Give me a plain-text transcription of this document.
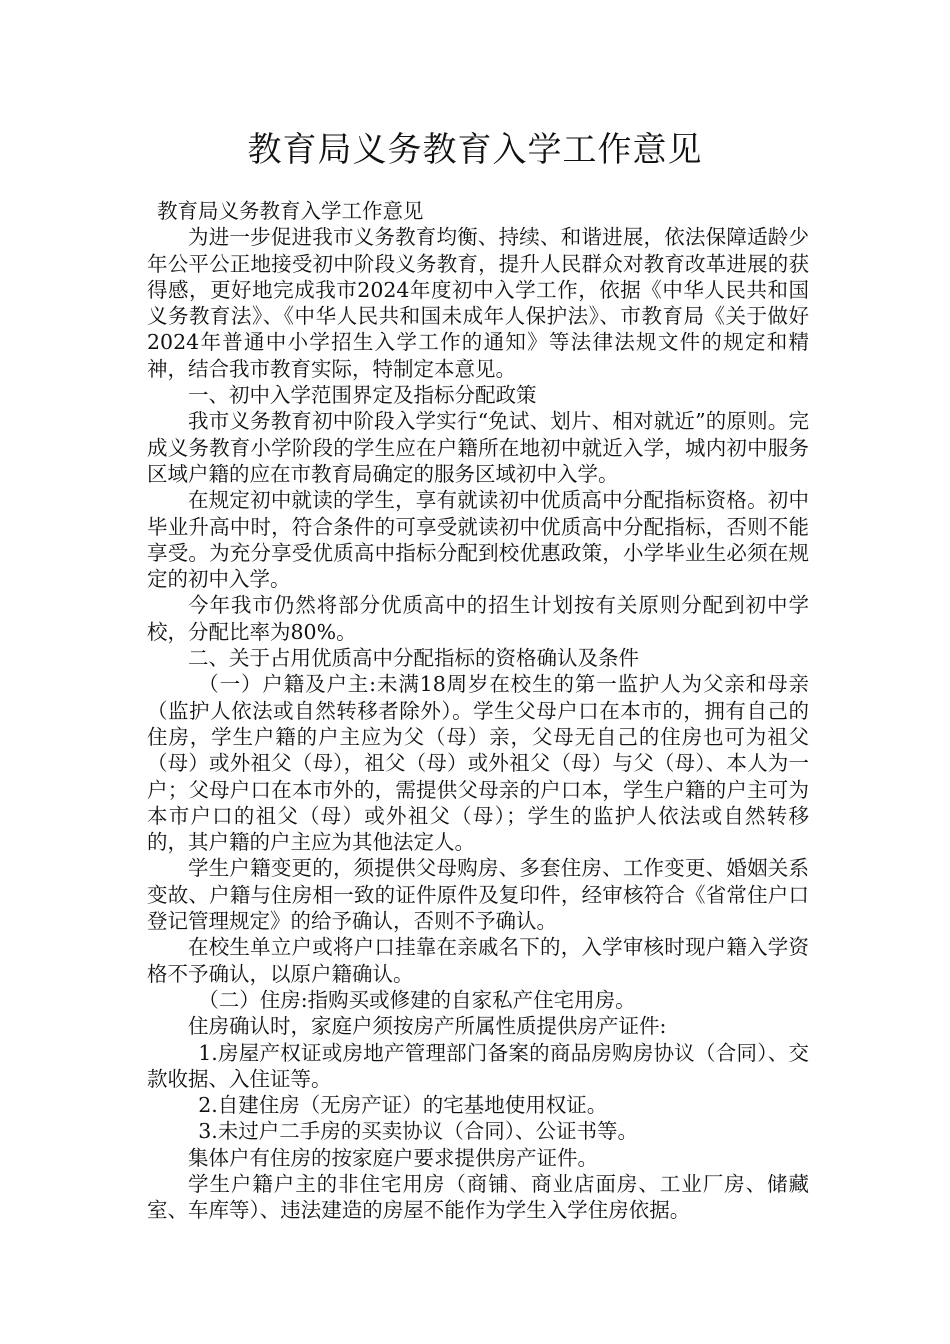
教育局义务教育入学工作意见

教育局义务教育入学工作意见

为进一步促进我市义务教育均衡、持续、和谐进展，依法保障适龄少年公平公正地接受初中阶段义务教育，提升人民群众对教育改革进展的获得感，更好地完成我市2024年度初中入学工作，依据《中华人民共和国义务教育法》、《中华人民共和国未成年人保护法》、市教育局《关于做好2024年普通中小学招生入学工作的通知》等法律法规文件的规定和精神，结合我市教育实际，特制定本意见。

一、初中入学范围界定及指标分配政策

我市义务教育初中阶段入学实行“免试、划片、相对就近”的原则。完成义务教育小学阶段的学生应在户籍所在地初中就近入学，城内初中服务区域户籍的应在市教育局确定的服务区域初中入学。

在规定初中就读的学生，享有就读初中优质高中分配指标资格。初中毕业升高中时，符合条件的可享受就读初中优质高中分配指标，否则不能享受。为充分享受优质高中指标分配到校优惠政策，小学毕业生必须在规定的初中入学。

今年我市仍然将部分优质高中的招生计划按有关原则分配到初中学校，分配比率为80%。

二、关于占用优质高中分配指标的资格确认及条件

（一）户籍及户主:未满18周岁在校生的第一监护人为父亲和母亲（监护人依法或自然转移者除外）。学生父母户口在本市的，拥有自己的住房，学生户籍的户主应为父（母）亲，父母无自己的住房也可为祖父（母）或外祖父（母），祖父（母）或外祖父（母）与父（母）、本人为一户；父母户口在本市外的，需提供父母亲的户口本，学生户籍的户主可为本市户口的祖父（母）或外祖父（母）；学生的监护人依法或自然转移的，其户籍的户主应为其他法定人。

学生户籍变更的，须提供父母购房、多套住房、工作变更、婚姻关系变故、户籍与住房相一致的证件原件及复印件，经审核符合《省常住户口登记管理规定》的给予确认，否则不予确认。

在校生单立户或将户口挂靠在亲戚名下的，入学审核时现户籍入学资格不予确认，以原户籍确认。

（二）住房:指购买或修建的自家私产住宅用房。

住房确认时，家庭户须按房产所属性质提供房产证件:

1.房屋产权证或房地产管理部门备案的商品房购房协议（合同）、交款收据、入住证等。

2.自建住房（无房产证）的宅基地使用权证。

3.未过户二手房的买卖协议（合同）、公证书等。

集体户有住房的按家庭户要求提供房产证件。

学生户籍户主的非住宅用房（商铺、商业店面房、工业厂房、储藏室、车库等）、违法建造的房屋不能作为学生入学住房依据。
